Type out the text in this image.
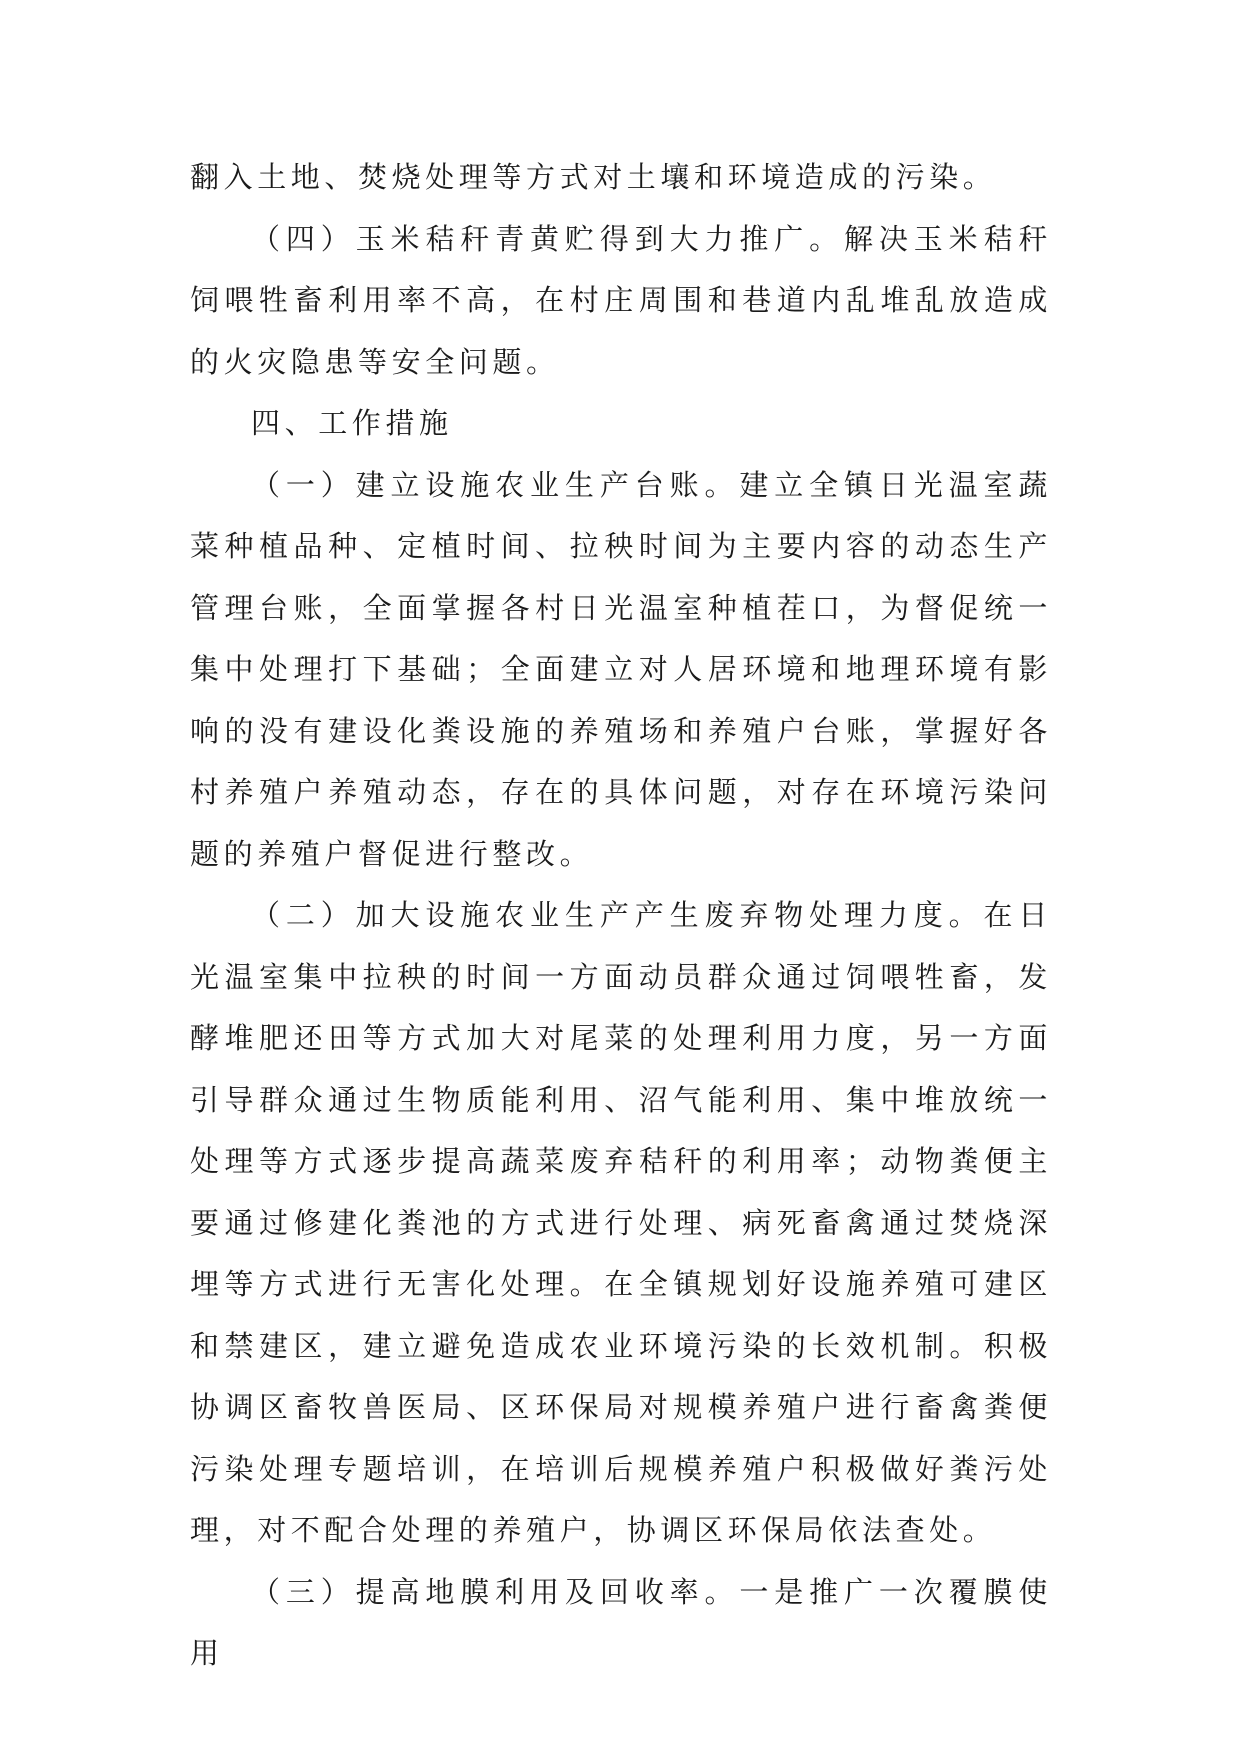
翻入土地、焚烧处理等方式对土壤和环境造成的污染。

（四）玉米秸秆青黄贮得到大力推广。解决玉米秸秆饲喂牲畜利用率不高，在村庄周围和巷道内乱堆乱放造成的火灾隐患等安全问题。

四、工作措施

（一）建立设施农业生产台账。建立全镇日光温室蔬菜种植品种、定植时间、拉秧时间为主要内容的动态生产管理台账，全面掌握各村日光温室种植茬口，为督促统一集中处理打下基础；全面建立对人居环境和地理环境有影响的没有建设化粪设施的养殖场和养殖户台账，掌握好各村养殖户养殖动态，存在的具体问题，对存在环境污染问题的养殖户督促进行整改。

（二）加大设施农业生产产生废弃物处理力度。在日光温室集中拉秧的时间一方面动员群众通过饲喂牲畜，发酵堆肥还田等方式加大对尾菜的处理利用力度，另一方面引导群众通过生物质能利用、沼气能利用、集中堆放统一处理等方式逐步提高蔬菜废弃秸秆的利用率；动物粪便主要通过修建化粪池的方式进行处理、病死畜禽通过焚烧深埋等方式进行无害化处理。在全镇规划好设施养殖可建区和禁建区，建立避免造成农业环境污染的长效机制。积极协调区畜牧兽医局、区环保局对规模养殖户进行畜禽粪便污染处理专题培训，在培训后规模养殖户积极做好粪污处理，对不配合处理的养殖户，协调区环保局依法查处。

（三）提高地膜利用及回收率。一是推广一次覆膜使用
